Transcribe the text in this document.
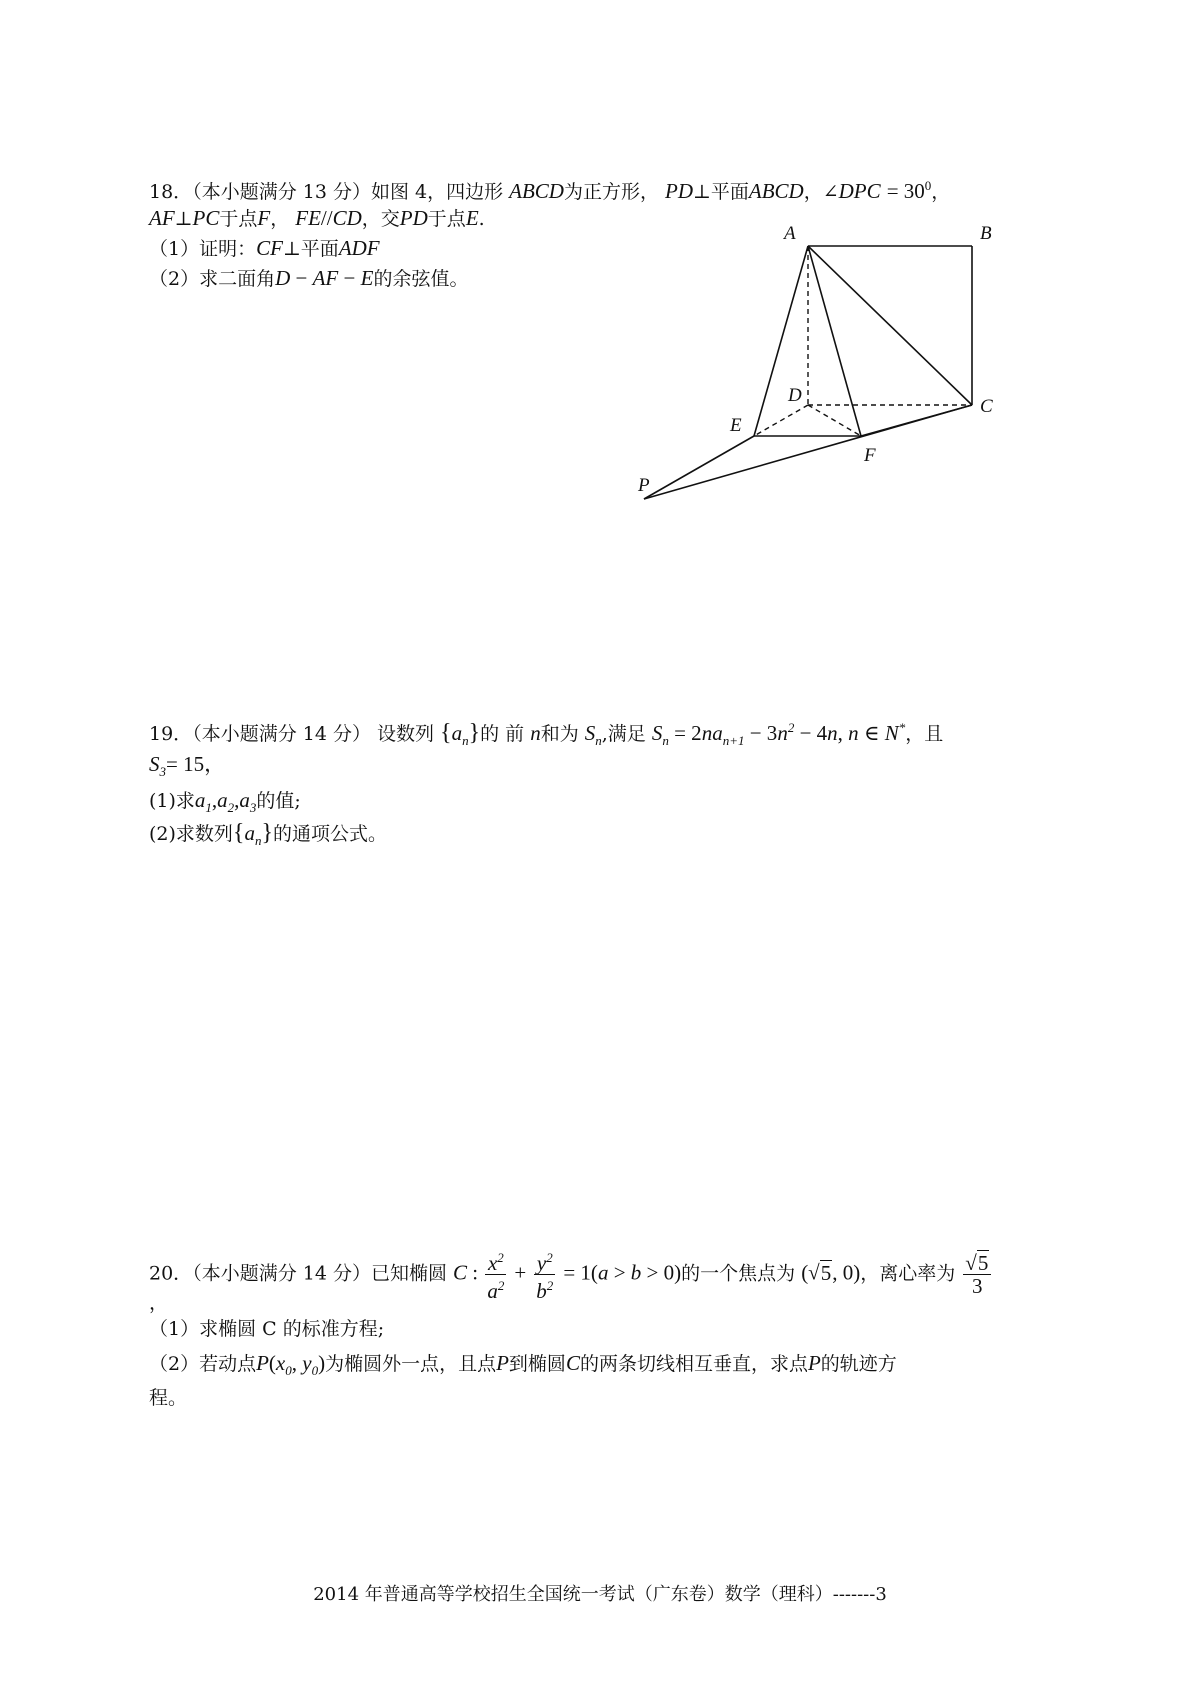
18．（本小题满分 13 分）如图 4，四边形 ABCD为正方形， PD⊥平面ABCD，∠DPC = $30^0$，
AF⊥PC于点F， FE//CD，交PD于点E.
（1）证明：CF⊥平面ADF
（2）求二面角D − AF − E的余弦值。
A	B
C
D
E
F
P
19．（本小题满分 14 分） 设数列 $\{a_n\}$的 前 n和为 $S_n$,满足 $S_n = 2na_{n+1} - 3n^2 - 4n$, n ∈ N*，且
$S_3= 15$，
(1)求$a_1,a_2,a_3$的值;
(2)求数列$\{a_n\}$的通项公式。
20．（本小题满分 14 分）已知椭圆 C : $\frac{x^2}{a^2} + \frac{y^2}{b^2} = 1(a > b > 0)$的一个焦点为 (√5, 0)，离心率为 $\frac{√5}{3}$
，
（1）求椭圆 C 的标准方程;
（2）若动点$P(x_0$, $y_0$)为椭圆外一点，且点P到椭圆C的两条切线相互垂直，求点P的轨迹方
程。
2014 年普通高等学校招生全国统一考试（广东卷）数学（理科）-------3
